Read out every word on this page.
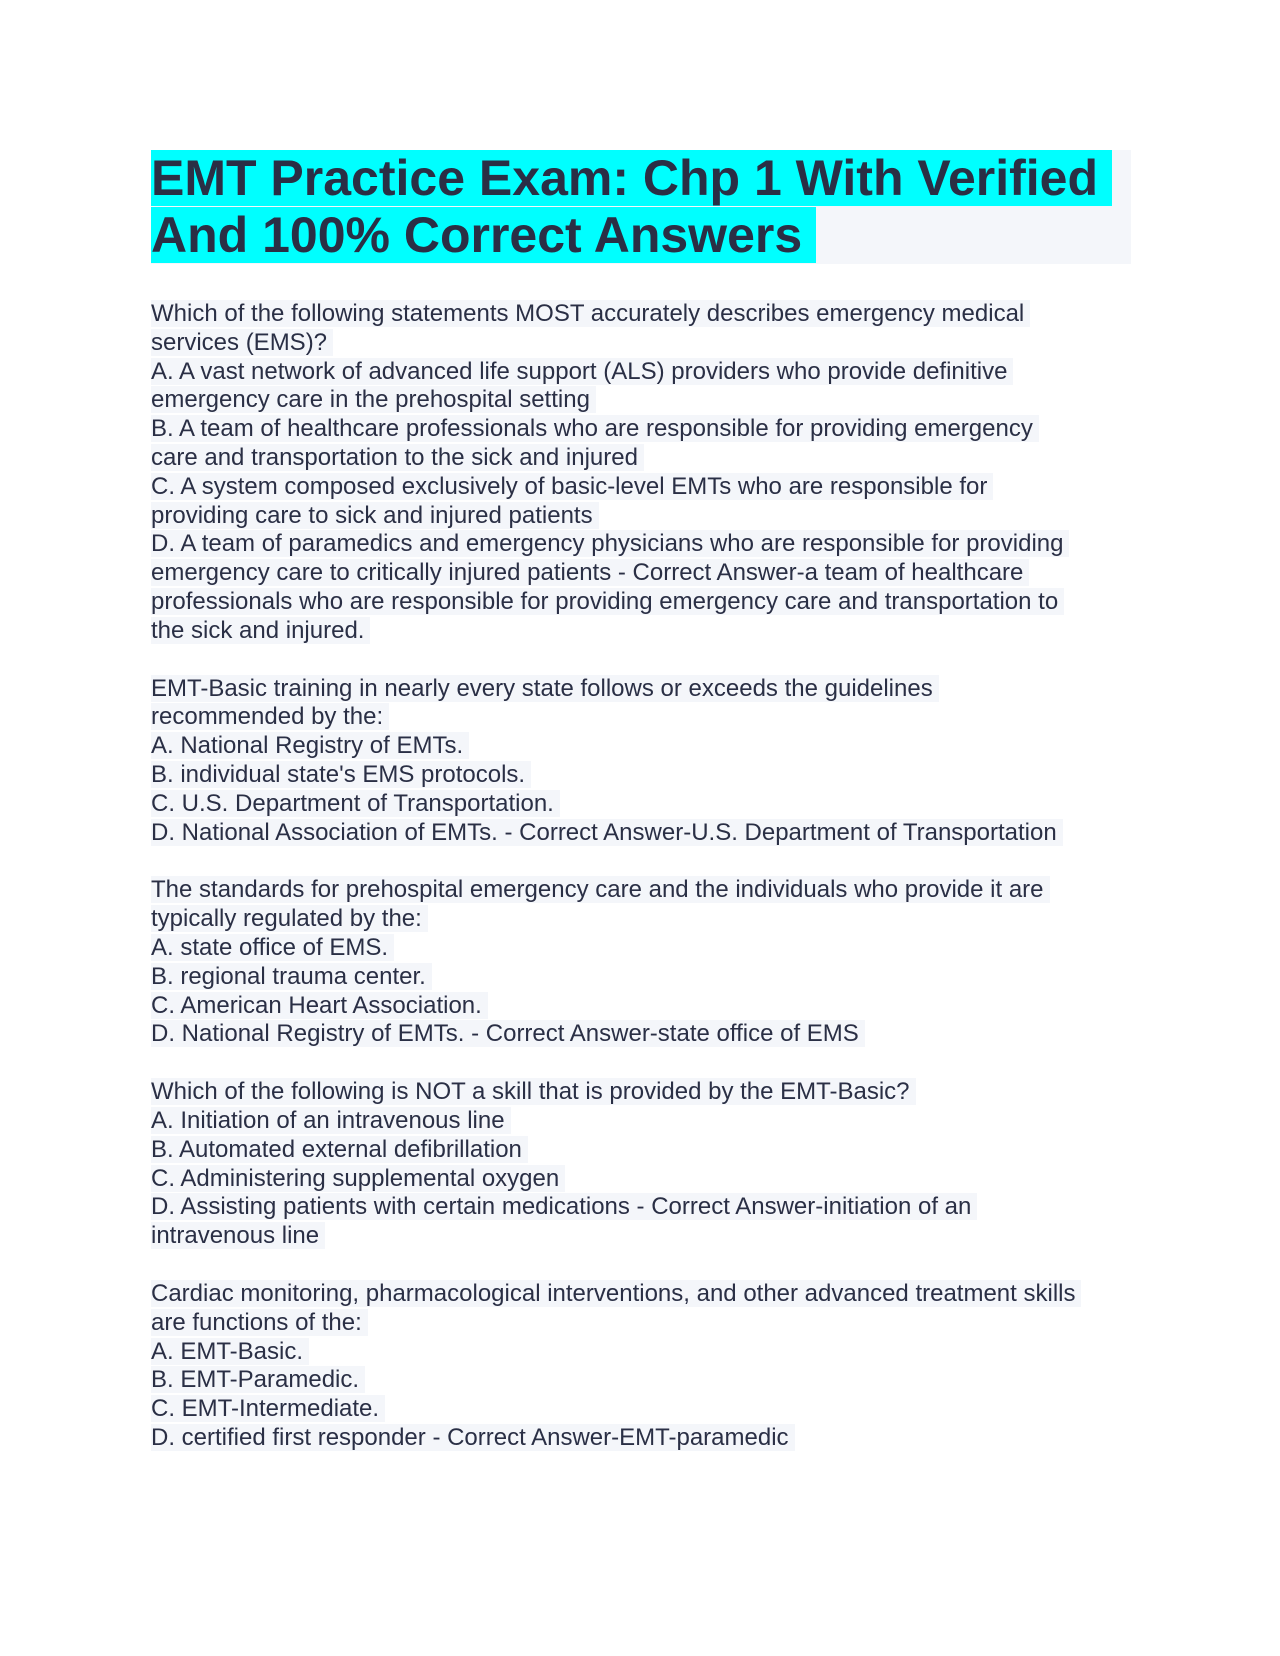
EMT Practice Exam: Chp 1 With Verified
And 100% Correct Answers
Which of the following statements MOST accurately describes emergency medical
services (EMS)?
A. A vast network of advanced life support (ALS) providers who provide definitive
emergency care in the prehospital setting
B. A team of healthcare professionals who are responsible for providing emergency
care and transportation to the sick and injured
C. A system composed exclusively of basic-level EMTs who are responsible for
providing care to sick and injured patients
D. A team of paramedics and emergency physicians who are responsible for providing
emergency care to critically injured patients - Correct Answer-a team of healthcare
professionals who are responsible for providing emergency care and transportation to
the sick and injured.
EMT-Basic training in nearly every state follows or exceeds the guidelines
recommended by the:
A. National Registry of EMTs.
B. individual state's EMS protocols.
C. U.S. Department of Transportation.
D. National Association of EMTs. - Correct Answer-U.S. Department of Transportation
The standards for prehospital emergency care and the individuals who provide it are
typically regulated by the:
A. state office of EMS.
B. regional trauma center.
C. American Heart Association.
D. National Registry of EMTs. - Correct Answer-state office of EMS
Which of the following is NOT a skill that is provided by the EMT-Basic?
A. Initiation of an intravenous line
B. Automated external defibrillation
C. Administering supplemental oxygen
D. Assisting patients with certain medications - Correct Answer-initiation of an
intravenous line
Cardiac monitoring, pharmacological interventions, and other advanced treatment skills
are functions of the:
A. EMT-Basic.
B. EMT-Paramedic.
C. EMT-Intermediate.
D. certified first responder - Correct Answer-EMT-paramedic
